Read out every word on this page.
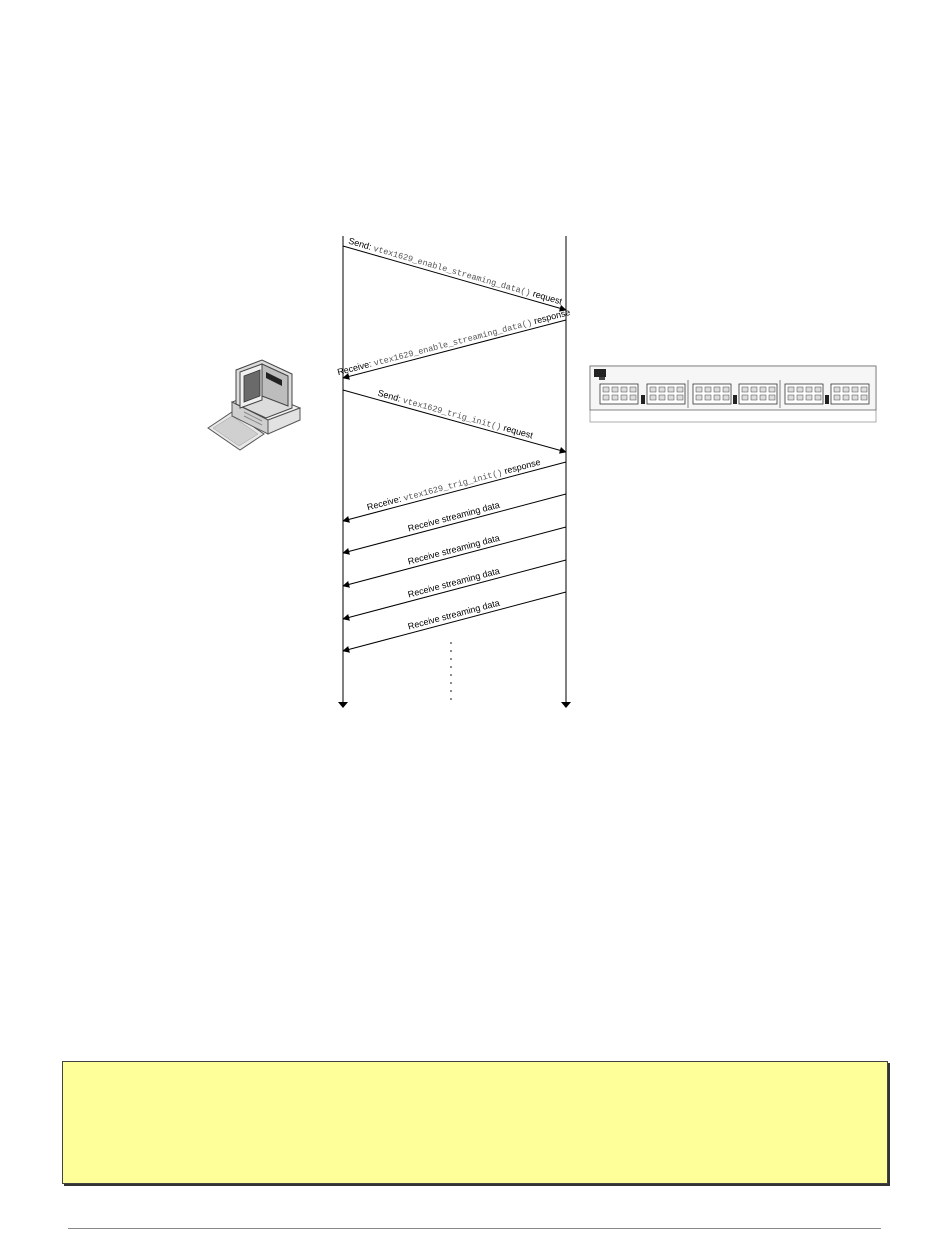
Send: vtex1629_enable_streaming_data() request
Receive: vtex1629_enable_streaming_data() response
Send: vtex1629_trig_init() request
Receive: vtex1629_trig_init() response
Receive streaming data
Receive streaming data
Receive streaming data
Receive streaming data
